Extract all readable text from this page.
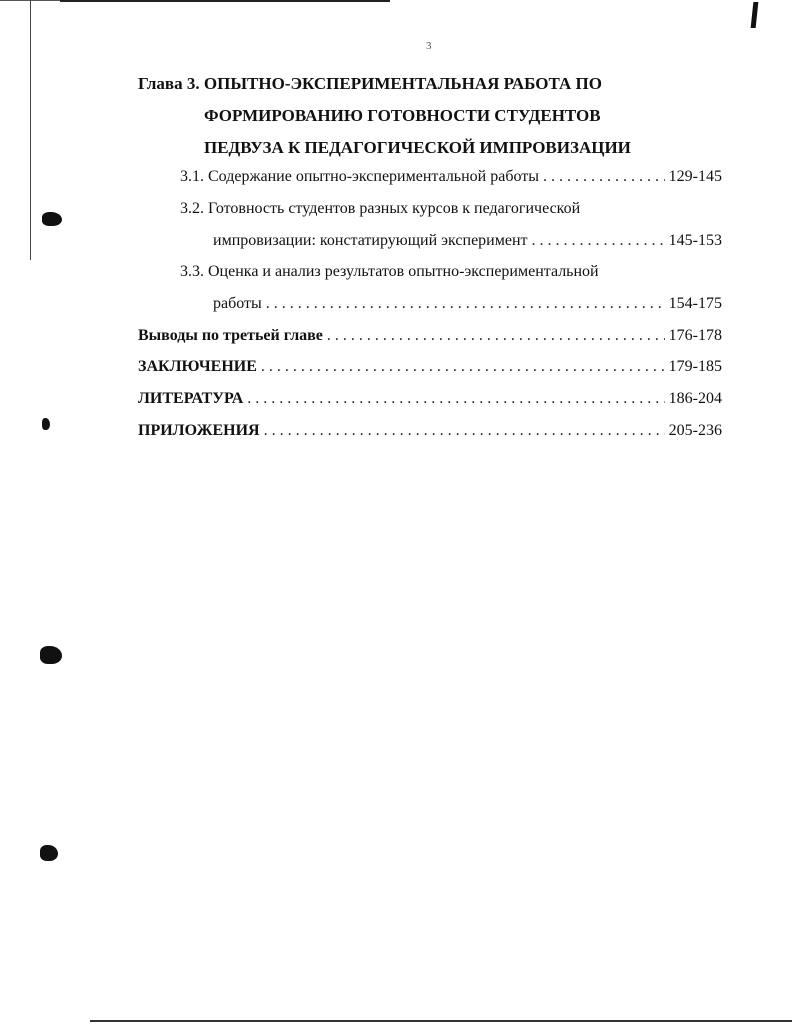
3
Глава 3. ОПЫТНО-ЭКСПЕРИМЕНТАЛЬНАЯ РАБОТА ПО
ФОРМИРОВАНИЮ ГОТОВНОСТИ СТУДЕНТОВ
ПЕДВУЗА К ПЕДАГОГИЧЕСКОЙ ИМПРОВИЗАЦИИ
3.1. Содержание опытно-экспериментальной работы . . .	129-145
3.2. Готовность студентов разных курсов к педагогической
импровизации: констатирующий эксперимент . . .	145-153
3.3. Оценка и анализ результатов опытно-экспериментальной
работы . . .	154-175
Выводы по третьей главе . . .	176-178
ЗАКЛЮЧЕНИЕ . . .	179-185
ЛИТЕРАТУРА . . .	186-204
ПРИЛОЖЕНИЯ . . .	205-236
